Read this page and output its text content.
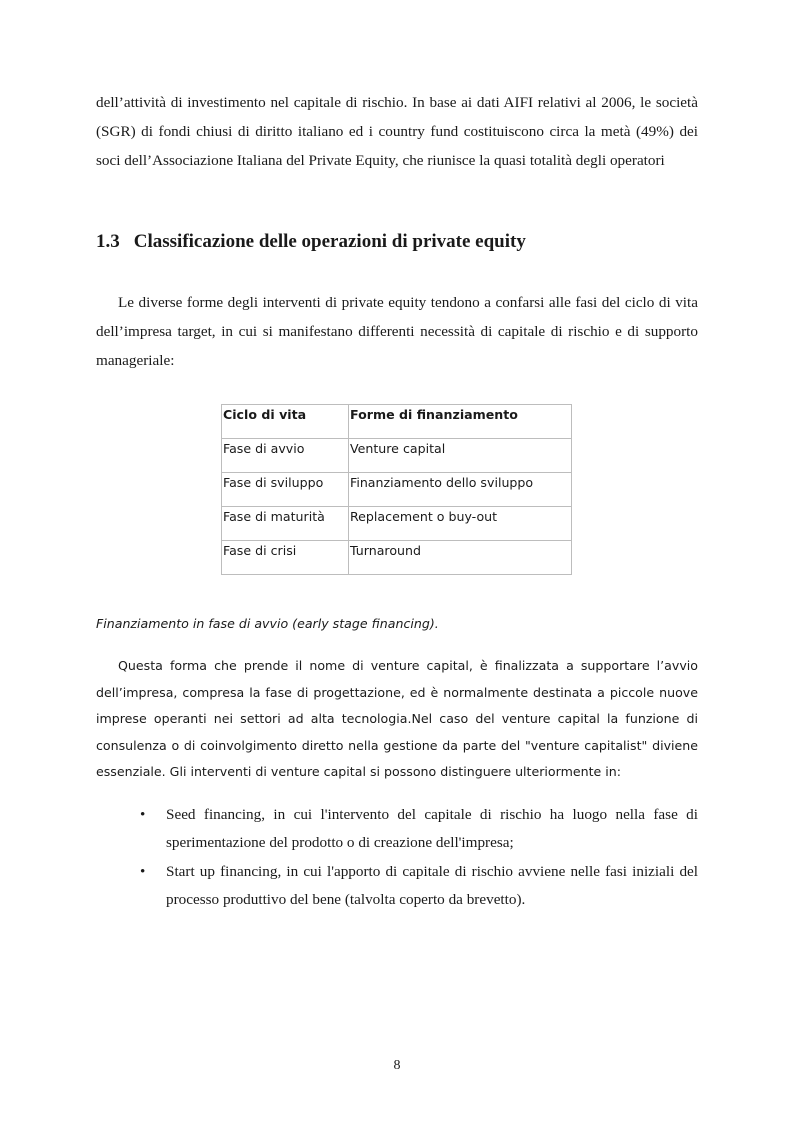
dell’attività di investimento nel capitale di rischio. In base ai dati AIFI relativi al 2006, le società (SGR) di fondi chiusi di diritto italiano ed i country fund costituiscono circa la metà (49%) dei soci dell’Associazione Italiana del Private Equity, che riunisce la quasi totalità degli operatori

1.3 Classificazione delle operazioni di private equity

Le diverse forme degli interventi di private equity tendono a confarsi alle fasi del ciclo di vita dell’impresa target, in cui si manifestano differenti necessità di capitale di rischio e di supporto manageriale:

Ciclo di vita	Forme di finanziamento
Fase di avvio	Venture capital
Fase di sviluppo	Finanziamento dello sviluppo
Fase di maturità	Replacement o buy-out
Fase di crisi	Turnaround

Finanziamento in fase di avvio (early stage financing).

Questa forma che prende il nome di venture capital, è finalizzata a supportare l’avvio dell’impresa, compresa la fase di progettazione, ed è normalmente destinata a piccole nuove imprese operanti nei settori ad alta tecnologia.Nel caso del venture capital la funzione di consulenza o di coinvolgimento diretto nella gestione da parte del "venture capitalist" diviene essenziale. Gli interventi di venture capital si possono distinguere ulteriormente in:

• Seed financing, in cui l'intervento del capitale di rischio ha luogo nella fase di sperimentazione del prodotto o di creazione dell'impresa;
• Start up financing, in cui l'apporto di capitale di rischio avviene nelle fasi iniziali del processo produttivo del bene (talvolta coperto da brevetto).

8
